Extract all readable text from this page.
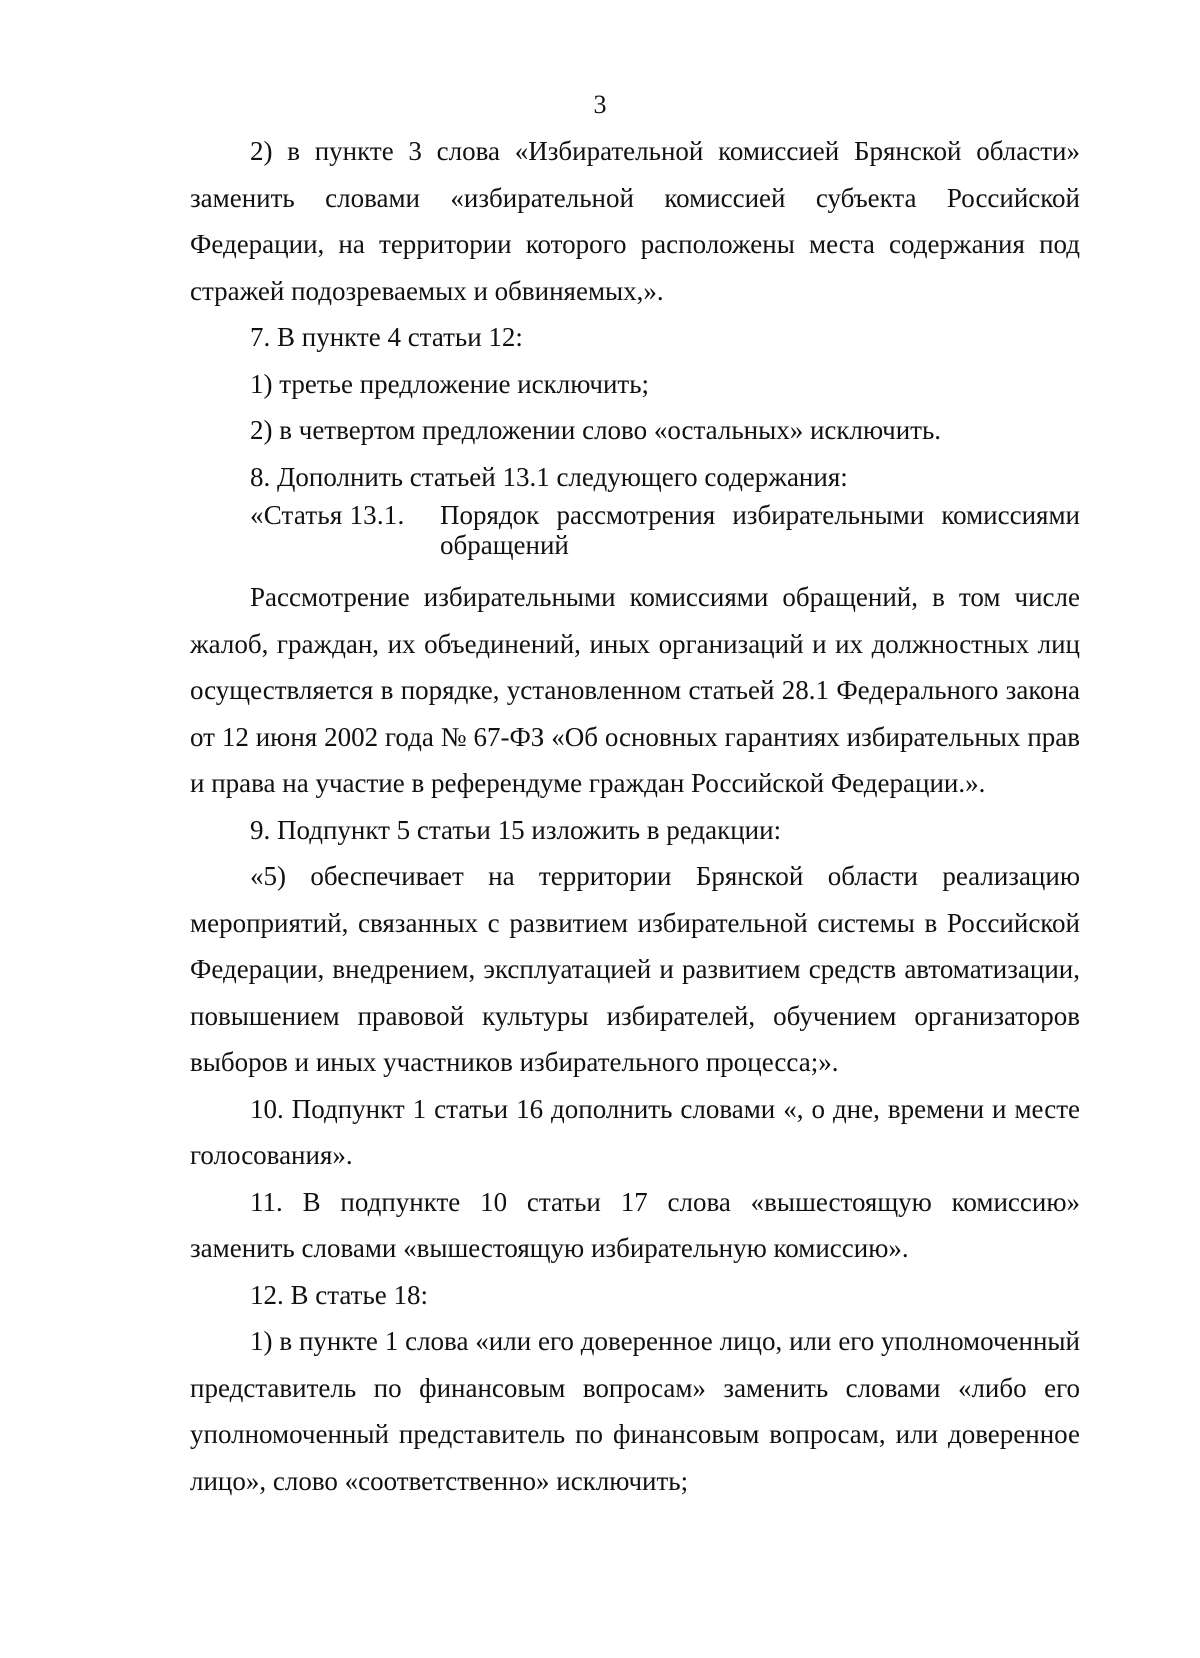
3

2) в пункте 3 слова «Избирательной комиссией Брянской области» заменить словами «избирательной комиссией субъекта Российской Федерации, на территории которого расположены места содержания под стражей подозреваемых и обвиняемых,».

7. В пункте 4 статьи 12:

1) третье предложение исключить;

2) в четвертом предложении слово «остальных» исключить.

8. Дополнить статьей 13.1 следующего содержания:

«Статья 13.1.	Порядок рассмотрения избирательными комиссиями обращений

Рассмотрение избирательными комиссиями обращений, в том числе жалоб, граждан, их объединений, иных организаций и их должностных лиц осуществляется в порядке, установленном статьей 28.1 Федерального закона от 12 июня 2002 года № 67-ФЗ «Об основных гарантиях избирательных прав и права на участие в референдуме граждан Российской Федерации.».

9. Подпункт 5 статьи 15 изложить в редакции:

«5) обеспечивает на территории Брянской области реализацию мероприятий, связанных с развитием избирательной системы в Российской Федерации, внедрением, эксплуатацией и развитием средств автоматизации, повышением правовой культуры избирателей, обучением организаторов выборов и иных участников избирательного процесса;».

10. Подпункт 1 статьи 16 дополнить словами «, о дне, времени и месте голосования».

11. В подпункте 10 статьи 17 слова «вышестоящую комиссию» заменить словами «вышестоящую избирательную комиссию».

12. В статье 18:

1) в пункте 1 слова «или его доверенное лицо, или его уполномоченный представитель по финансовым вопросам» заменить словами «либо его уполномоченный представитель по финансовым вопросам, или доверенное лицо», слово «соответственно» исключить;
